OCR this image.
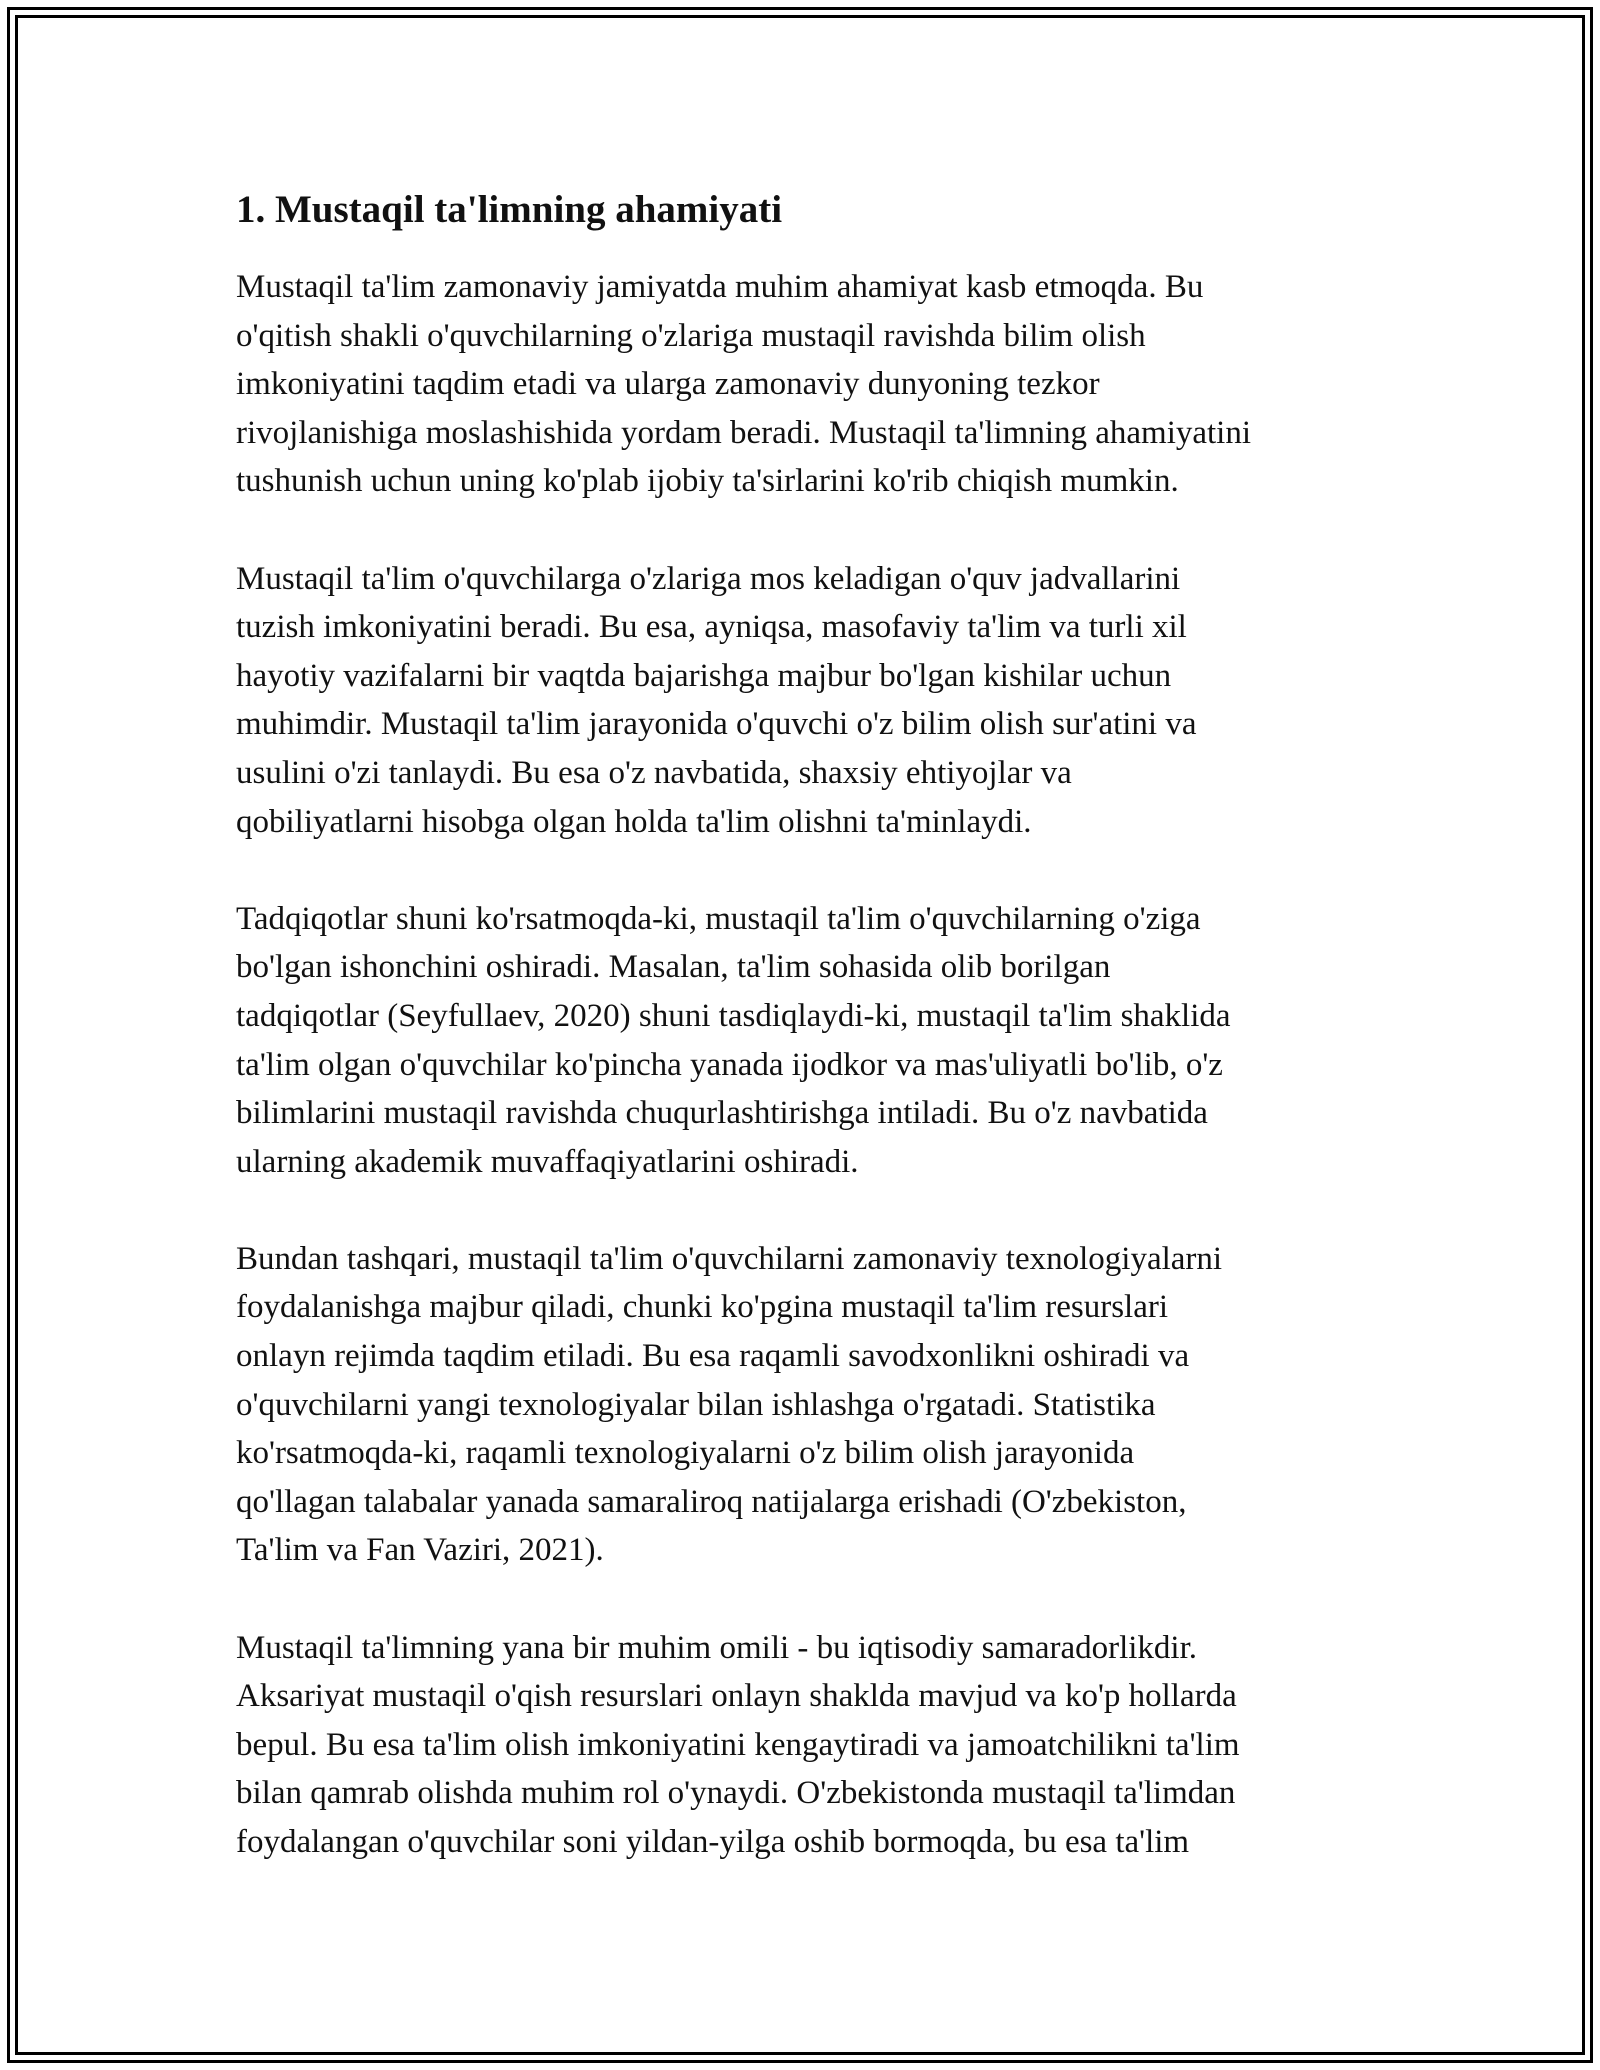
1. Mustaqil ta'limning ahamiyati

Mustaqil ta'lim zamonaviy jamiyatda muhim ahamiyat kasb etmoqda. Bu
o'qitish shakli o'quvchilarning o'zlariga mustaqil ravishda bilim olish
imkoniyatini taqdim etadi va ularga zamonaviy dunyoning tezkor
rivojlanishiga moslashishida yordam beradi. Mustaqil ta'limning ahamiyatini
tushunish uchun uning ko'plab ijobiy ta'sirlarini ko'rib chiqish mumkin.

Mustaqil ta'lim o'quvchilarga o'zlariga mos keladigan o'quv jadvallarini
tuzish imkoniyatini beradi. Bu esa, ayniqsa, masofaviy ta'lim va turli xil
hayotiy vazifalarni bir vaqtda bajarishga majbur bo'lgan kishilar uchun
muhimdir. Mustaqil ta'lim jarayonida o'quvchi o'z bilim olish sur'atini va
usulini o'zi tanlaydi. Bu esa o'z navbatida, shaxsiy ehtiyojlar va
qobiliyatlarni hisobga olgan holda ta'lim olishni ta'minlaydi.

Tadqiqotlar shuni ko'rsatmoqda-ki, mustaqil ta'lim o'quvchilarning o'ziga
bo'lgan ishonchini oshiradi. Masalan, ta'lim sohasida olib borilgan
tadqiqotlar (Seyfullaev, 2020) shuni tasdiqlaydi-ki, mustaqil ta'lim shaklida
ta'lim olgan o'quvchilar ko'pincha yanada ijodkor va mas'uliyatli bo'lib, o'z
bilimlarini mustaqil ravishda chuqurlashtirishga intiladi. Bu o'z navbatida
ularning akademik muvaffaqiyatlarini oshiradi.

Bundan tashqari, mustaqil ta'lim o'quvchilarni zamonaviy texnologiyalarni
foydalanishga majbur qiladi, chunki ko'pgina mustaqil ta'lim resurslari
onlayn rejimda taqdim etiladi. Bu esa raqamli savodxonlikni oshiradi va
o'quvchilarni yangi texnologiyalar bilan ishlashga o'rgatadi. Statistika
ko'rsatmoqda-ki, raqamli texnologiyalarni o'z bilim olish jarayonida
qo'llagan talabalar yanada samaraliroq natijalarga erishadi (O'zbekiston,
Ta'lim va Fan Vaziri, 2021).

Mustaqil ta'limning yana bir muhim omili - bu iqtisodiy samaradorlikdir.
Aksariyat mustaqil o'qish resurslari onlayn shaklda mavjud va ko'p hollarda
bepul. Bu esa ta'lim olish imkoniyatini kengaytiradi va jamoatchilikni ta'lim
bilan qamrab olishda muhim rol o'ynaydi. O'zbekistonda mustaqil ta'limdan
foydalangan o'quvchilar soni yildan-yilga oshib bormoqda, bu esa ta'lim
